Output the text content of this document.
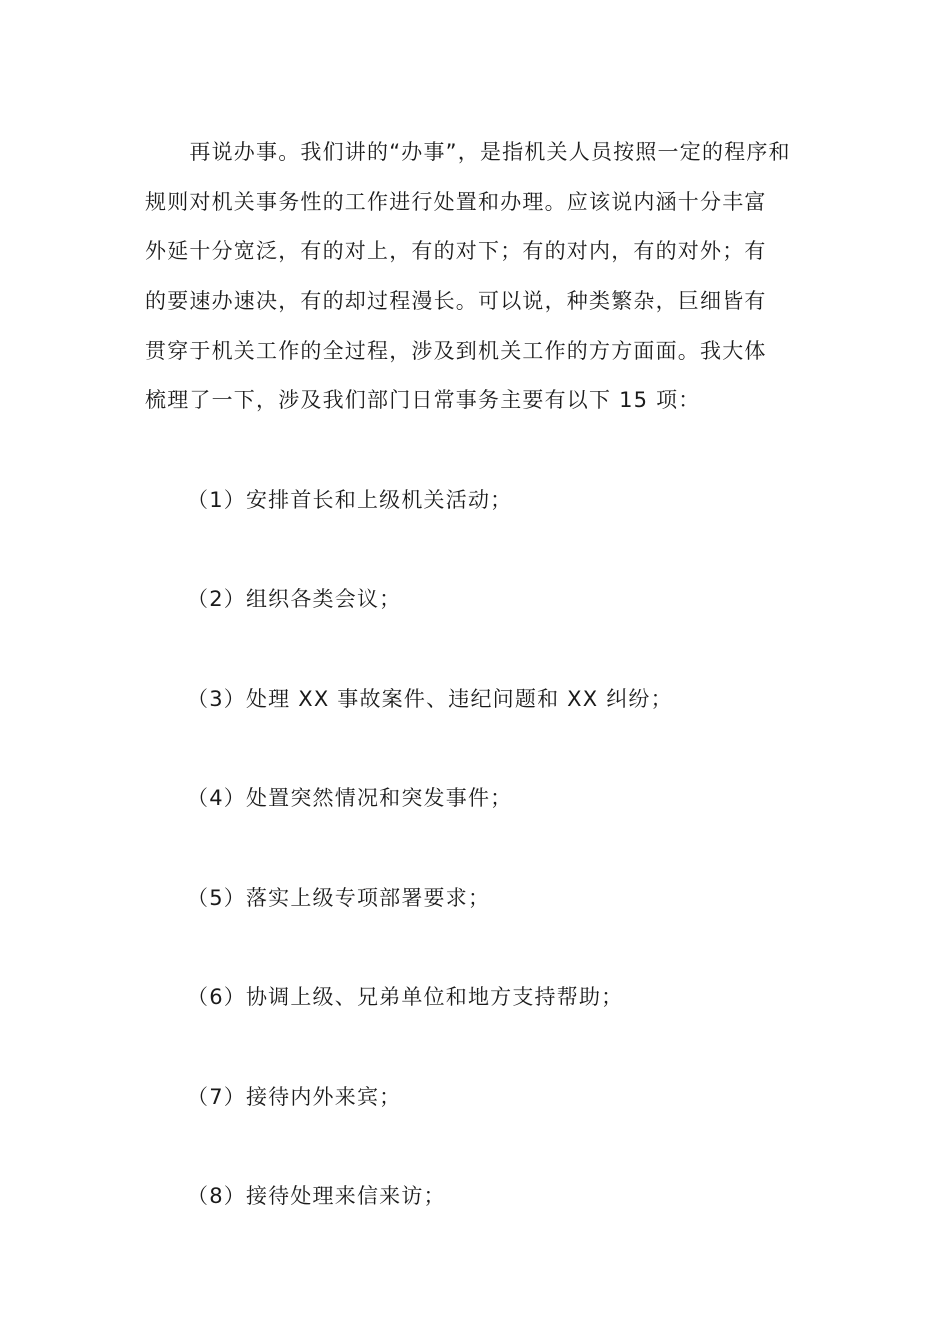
　　再说办事。我们讲的“办事”，是指机关人员按照一定的程序和
规则对机关事务性的工作进行处置和办理。应该说内涵十分丰富
外延十分宽泛，有的对上，有的对下；有的对内，有的对外；有
的要速办速决，有的却过程漫长。可以说，种类繁杂，巨细皆有
贯穿于机关工作的全过程，涉及到机关工作的方方面面。我大体
梳理了一下，涉及我们部门日常事务主要有以下 15 项：
（1）安排首长和上级机关活动；
（2）组织各类会议；
（3）处理 XX 事故案件、违纪问题和 XX 纠纷；
（4）处置突然情况和突发事件；
（5）落实上级专项部署要求；
（6）协调上级、兄弟单位和地方支持帮助；
（7）接待内外来宾；
（8）接待处理来信来访；
